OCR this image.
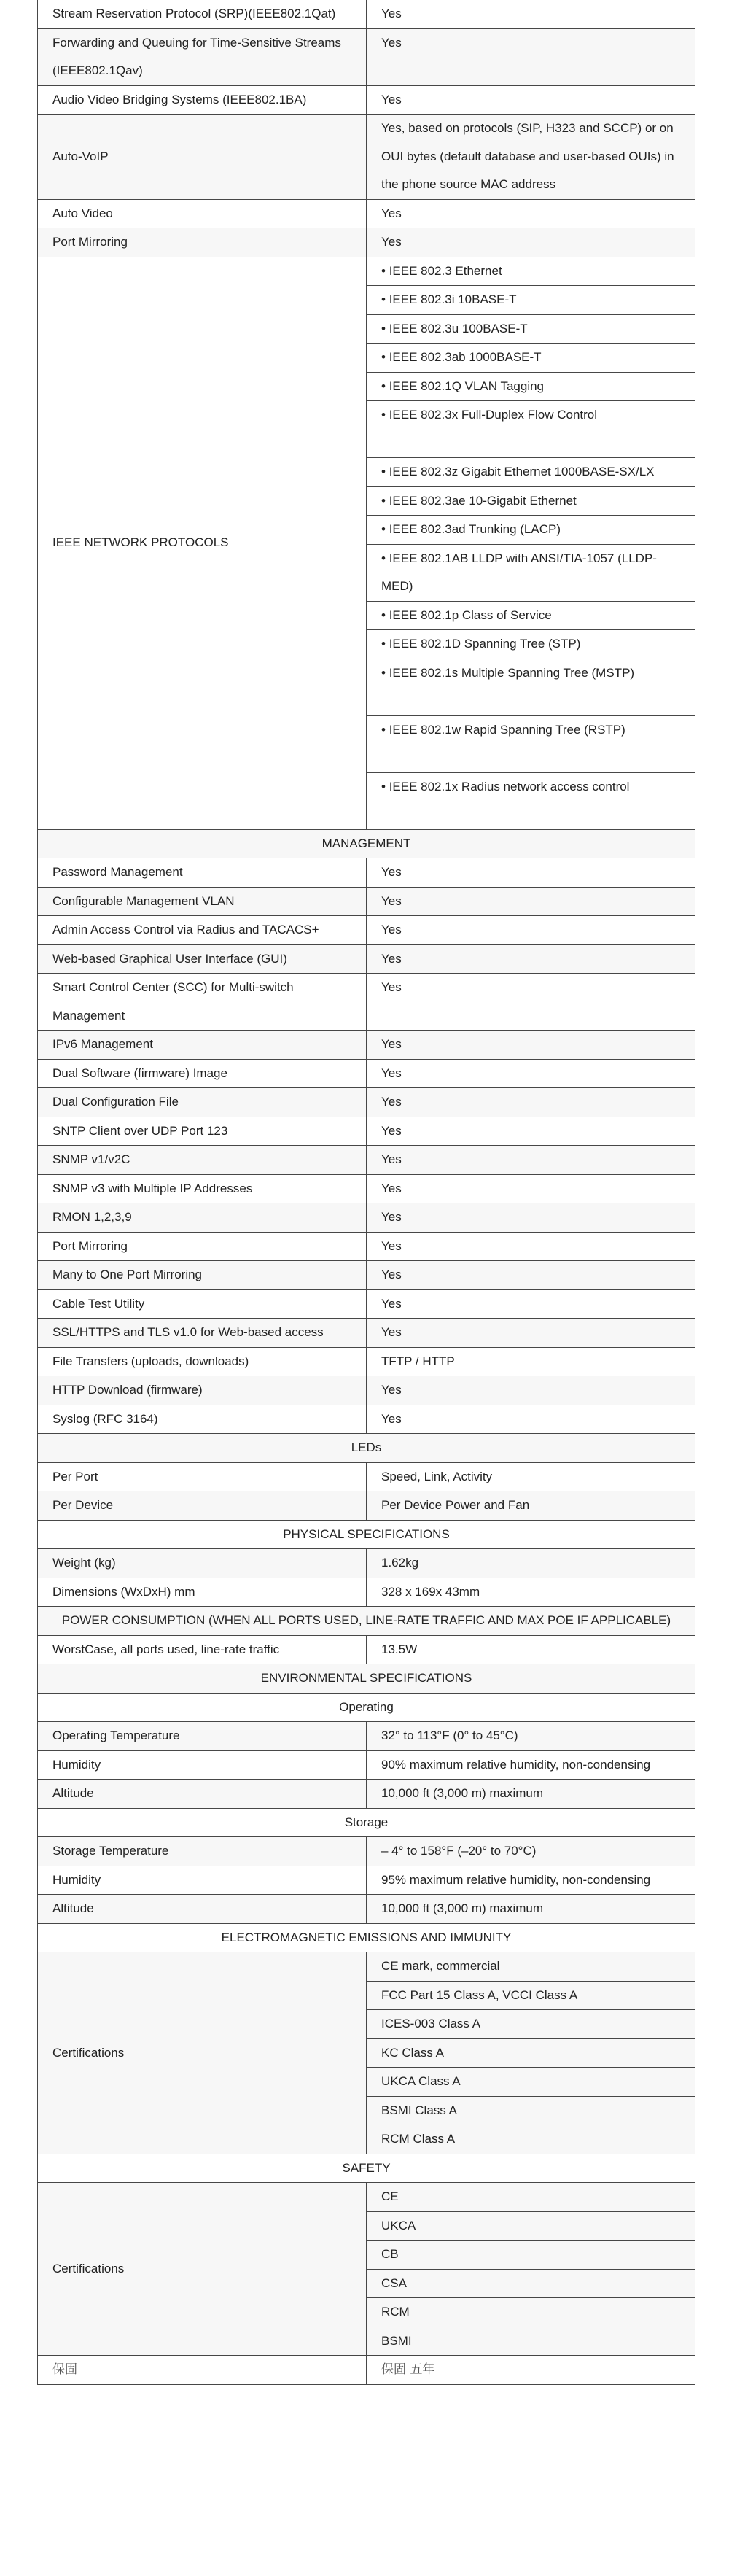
Stream Reservation Protocol (SRP)(IEEE802.1Qat)	Yes
Forwarding and Queuing for Time-Sensitive Streams (IEEE802.1Qav)	Yes
Audio Video Bridging Systems (IEEE802.1BA)	Yes
Auto-VoIP	Yes, based on protocols (SIP, H323 and SCCP) or on OUI bytes (default database and user-based OUIs) in the phone source MAC address
Auto Video	Yes
Port Mirroring	Yes
IEEE NETWORK PROTOCOLS	• IEEE 802.3 Ethernet
	• IEEE 802.3i 10BASE-T
	• IEEE 802.3u 100BASE-T
	• IEEE 802.3ab 1000BASE-T
	• IEEE 802.1Q VLAN Tagging
	• IEEE 802.3x Full-Duplex Flow Control
	• IEEE 802.3z Gigabit Ethernet 1000BASE-SX/LX
	• IEEE 802.3ae 10-Gigabit Ethernet
	• IEEE 802.3ad Trunking (LACP)
	• IEEE 802.1AB LLDP with ANSI/TIA-1057 (LLDP-MED)
	• IEEE 802.1p Class of Service
	• IEEE 802.1D Spanning Tree (STP)
	• IEEE 802.1s Multiple Spanning Tree (MSTP)
	• IEEE 802.1w Rapid Spanning Tree (RSTP)
	• IEEE 802.1x Radius network access control
MANAGEMENT	
Password Management	Yes
Configurable Management VLAN	Yes
Admin Access Control via Radius and TACACS+	Yes
Web-based Graphical User Interface (GUI)	Yes
Smart Control Center (SCC) for Multi-switch Management	Yes
IPv6 Management	Yes
Dual Software (firmware) Image	Yes
Dual Configuration File	Yes
SNTP Client over UDP Port 123	Yes
SNMP v1/v2C	Yes
SNMP v3 with Multiple IP Addresses	Yes
RMON 1,2,3,9	Yes
Port Mirroring	Yes
Many to One Port Mirroring	Yes
Cable Test Utility	Yes
SSL/HTTPS and TLS v1.0 for Web-based access	Yes
File Transfers (uploads, downloads)	TFTP / HTTP
HTTP Download (firmware)	Yes
Syslog (RFC 3164)	Yes
LEDs	
Per Port	Speed, Link, Activity
Per Device	Per Device Power and Fan
PHYSICAL SPECIFICATIONS	
Weight (kg)	1.62kg
Dimensions (WxDxH) mm	328 x 169x 43mm
POWER CONSUMPTION (WHEN ALL PORTS USED, LINE-RATE TRAFFIC AND MAX POE IF APPLICABLE)	
WorstCase, all ports used, line-rate traffic	13.5W
ENVIRONMENTAL SPECIFICATIONS	
Operating	
Operating Temperature	32° to 113°F (0° to 45°C)
Humidity	90% maximum relative humidity, non-condensing
Altitude	10,000 ft (3,000 m) maximum
Storage	
Storage Temperature	– 4° to 158°F (–20° to 70°C)
Humidity	95% maximum relative humidity, non-condensing
Altitude	10,000 ft (3,000 m) maximum
ELECTROMAGNETIC EMISSIONS AND IMMUNITY	
Certifications	CE mark, commercial
	FCC Part 15 Class A, VCCI Class A
	ICES-003 Class A
	KC Class A
	UKCA Class A
	BSMI Class A
	RCM Class A
SAFETY	
Certifications	CE
	UKCA
	CB
	CSA
	RCM
	BSMI
保固	保固 五年
